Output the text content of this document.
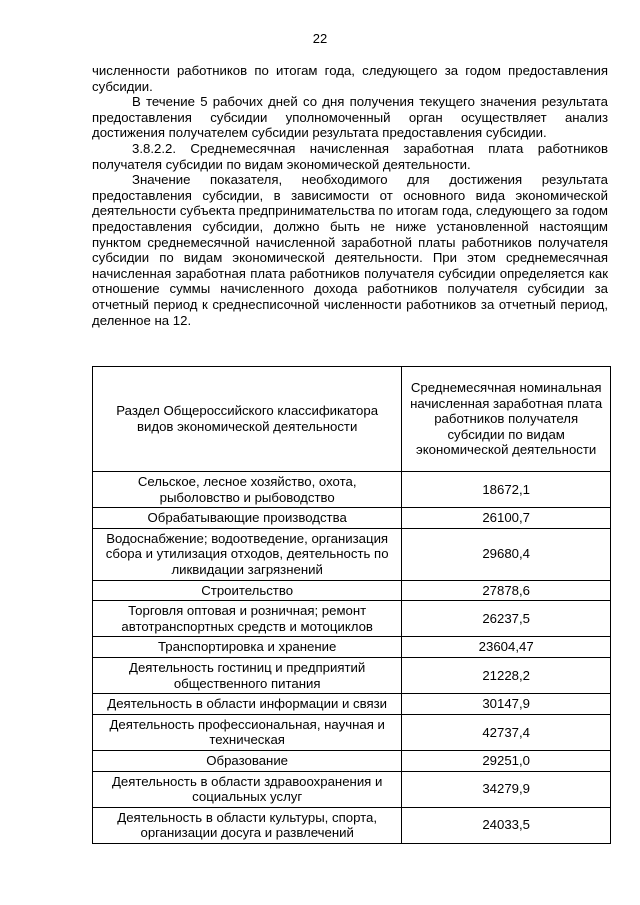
22

численности работников по итогам года, следующего за годом предоставления субсидии.

В течение 5 рабочих дней со дня получения текущего значения результата предоставления субсидии уполномоченный орган осуществляет анализ достижения получателем субсидии результата предоставления субсидии.

3.8.2.2. Среднемесячная начисленная заработная плата работников получателя субсидии по видам экономической деятельности.

Значение показателя, необходимого для достижения результата предоставления субсидии, в зависимости от основного вида экономической деятельности субъекта предпринимательства по итогам года, следующего за годом предоставления субсидии, должно быть не ниже установленной настоящим пунктом среднемесячной начисленной заработной платы работников получателя субсидии по видам экономической деятельности. При этом среднемесячная начисленная заработная плата работников получателя субсидии определяется как отношение суммы начисленного дохода работников получателя субсидии за отчетный период к среднесписочной численности работников за отчетный период, деленное на 12.

Раздел Общероссийского классификатора видов экономической деятельности	Среднемесячная номинальная начисленная заработная плата работников получателя субсидии по видам экономической деятельности
Сельское, лесное хозяйство, охота, рыболовство и рыбоводство	18672,1
Обрабатывающие производства	26100,7
Водоснабжение; водоотведение, организация сбора и утилизация отходов, деятельность по ликвидации загрязнений	29680,4
Строительство	27878,6
Торговля оптовая и розничная; ремонт автотранспортных средств и мотоциклов	26237,5
Транспортировка и хранение	23604,47
Деятельность гостиниц и предприятий общественного питания	21228,2
Деятельность в области информации и связи	30147,9
Деятельность профессиональная, научная и техническая	42737,4
Образование	29251,0
Деятельность в области здравоохранения и социальных услуг	34279,9
Деятельность в области культуры, спорта, организации досуга и развлечений	24033,5
